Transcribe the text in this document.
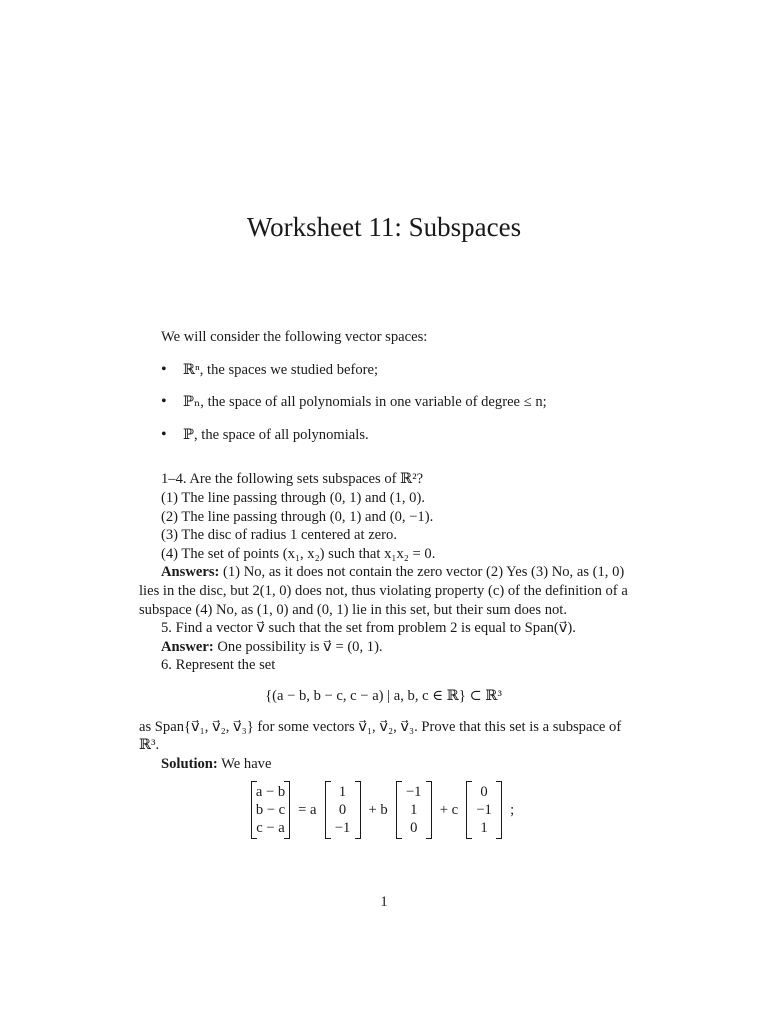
Worksheet 11: Subspaces

We will consider the following vector spaces:

• ℝⁿ, the spaces we studied before;
• ℙₙ, the space of all polynomials in one variable of degree ≤ n;
• ℙ, the space of all polynomials.

1–4. Are the following sets subspaces of ℝ²?

(1) The line passing through (0, 1) and (1, 0).

(2) The line passing through (0, 1) and (0, −1).

(3) The disc of radius 1 centered at zero.

(4) The set of points (x₁, x₂) such that x₁x₂ = 0.

Answers: (1) No, as it does not contain the zero vector (2) Yes (3) No, as (1, 0) lies in the disc, but 2(1, 0) does not, thus violating property (c) of the definition of a subspace (4) No, as (1, 0) and (0, 1) lie in this set, but their sum does not.

5. Find a vector v⃗ such that the set from problem 2 is equal to Span(v⃗).

Answer: One possibility is v⃗ = (0, 1).

6. Represent the set

{(a − b, b − c, c − a) | a, b, c ∈ ℝ} ⊂ ℝ³

as Span{v⃗₁, v⃗₂, v⃗₃} for some vectors v⃗₁, v⃗₂, v⃗₃. Prove that this set is a subspace of ℝ³.

Solution: We have

a − b
b − c
c − a
= a
1
0
−1
+ b
−1
1
0
+ c
0
−1
1
;
1
